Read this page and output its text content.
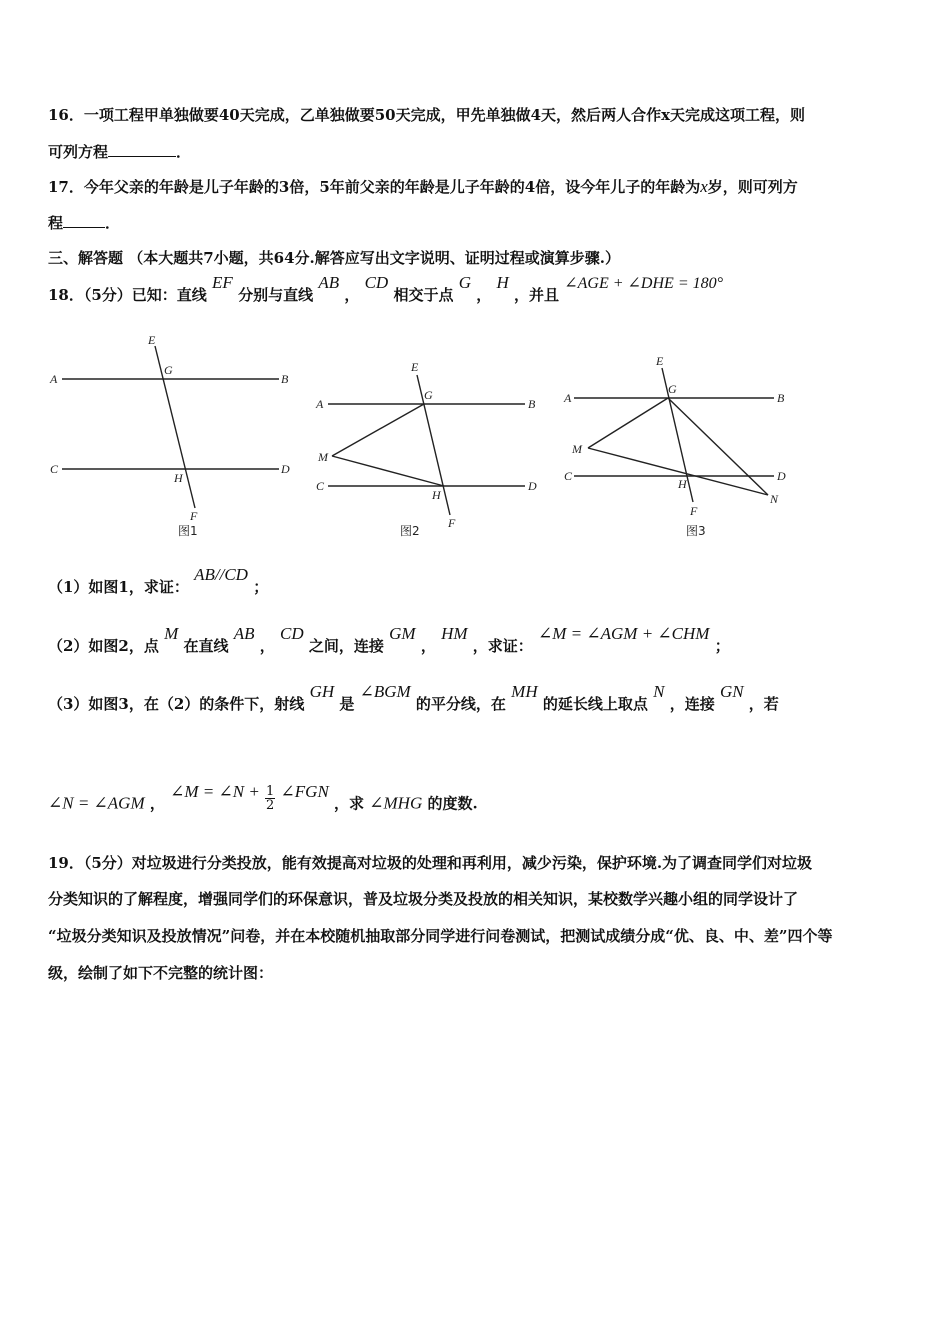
16．一项工程甲单独做要40天完成，乙单独做要50天完成，甲先单独做4天，然后两人合作x天完成这项工程，则
可列方程	．
17．今年父亲的年龄是儿子年龄的3倍，5年前父亲的年龄是儿子年龄的4倍，设今年儿子的年龄为x岁，则可列方
程	．
三、解答题 （本大题共7小题，共64分.解答应写出文字说明、证明过程或演算步骤.）
18．（5分）已知：直线 EF 分别与直线 AB ， CD 相交于点 G ， H ，并且 ∠AGE + ∠DHE = 180°
A	B
C	D
E
F
G
H
图1
A	B
C	D
E
F
G
H
M
图2
A	B
C	D
E
F
G
H
M
N
图3
（1）如图1，求证： AB//CD ；
（2）如图2，点 M 在直线 AB ， CD 之间，连接 GM ， HM ，求证： ∠M = ∠AGM + ∠CHM ；
（3）如图3，在（2）的条件下，射线 GH 是 ∠BGM 的平分线，在 MH 的延长线上取点 N ，连接 GN ，若
∠N = ∠AGM ， ∠M = ∠N + $\frac{1}{2}$ ∠FGN ，求 ∠MHG 的度数.
19．（5分）对垃圾进行分类投放，能有效提高对垃圾的处理和再利用，减少污染，保护环境.为了调查同学们对垃圾
分类知识的了解程度，增强同学们的环保意识，普及垃圾分类及投放的相关知识，某校数学兴趣小组的同学设计了
“垃圾分类知识及投放情况”问卷，并在本校随机抽取部分同学进行问卷测试，把测试成绩分成“优、良、中、差”四个等
级，绘制了如下不完整的统计图：
